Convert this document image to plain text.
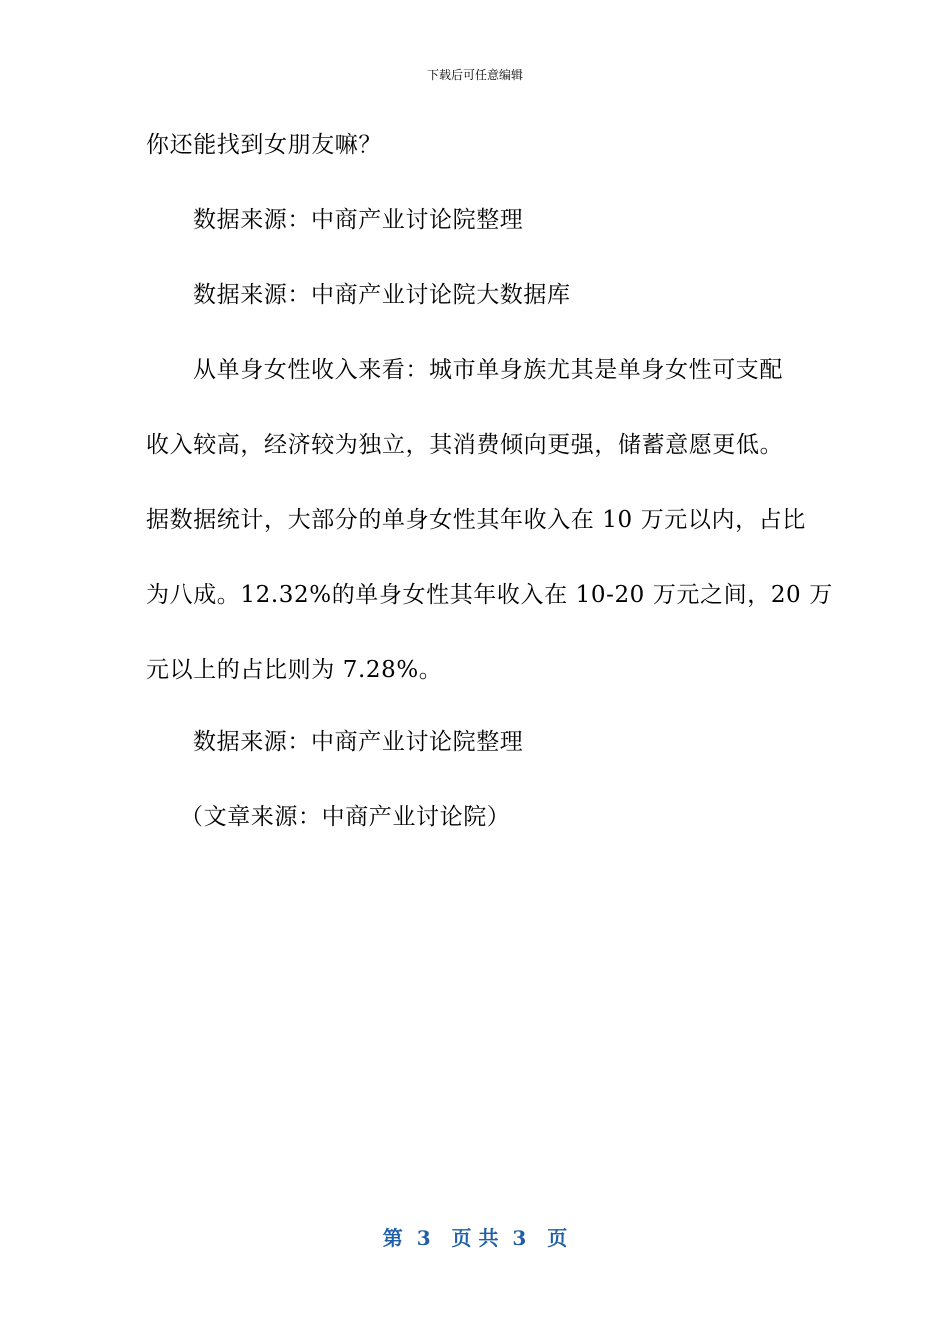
下载后可任意编辑
你还能找到女朋友嘛？
数据来源：中商产业讨论院整理
数据来源：中商产业讨论院大数据库
从单身女性收入来看：城市单身族尤其是单身女性可支配
收入较高，经济较为独立，其消费倾向更强，储蓄意愿更低。
据数据统计，大部分的单身女性其年收入在 10 万元以内，占比
为八成。12.32%的单身女性其年收入在 10-20 万元之间，20 万
元以上的占比则为 7.28%。
数据来源：中商产业讨论院整理
（文章来源：中商产业讨论院）
第  3   页 共  3   页
